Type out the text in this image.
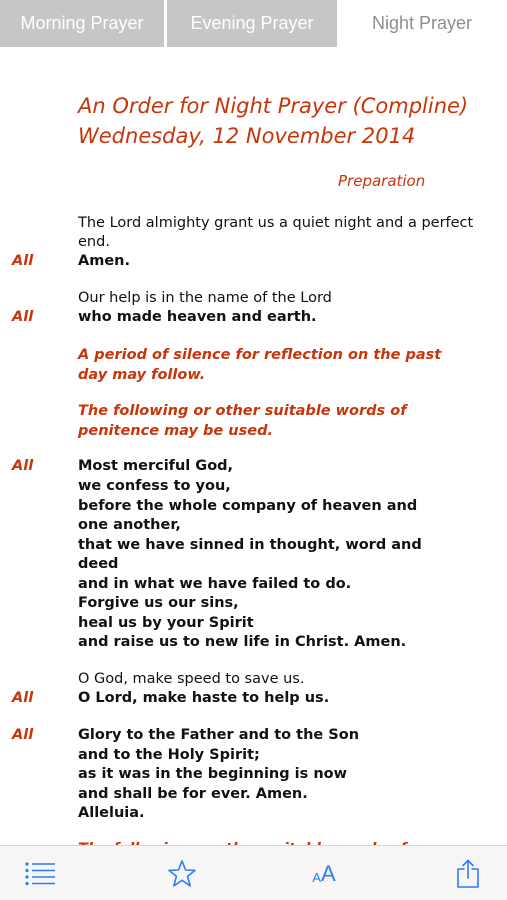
Morning Prayer	Evening Prayer	Night Prayer
An Order for Night Prayer (Compline)
Wednesday, 12 November 2014
Preparation
The Lord almighty grant us a quiet night and a perfect
end.
All	Amen.
Our help is in the name of the Lord
All	who made heaven and earth.
A period of silence for reflection on the past
day may follow.
The following or other suitable words of
penitence may be used.
All	Most merciful God,
we confess to you,
before the whole company of heaven and
one another,
that we have sinned in thought, word and
deed
and in what we have failed to do.
Forgive us our sins,
heal us by your Spirit
and raise us to new life in Christ. Amen.
O God, make speed to save us.
All	O Lord, make haste to help us.
All	Glory to the Father and to the Son
and to the Holy Spirit;
as it was in the beginning is now
and shall be for ever. Amen.
Alleluia.
A A
